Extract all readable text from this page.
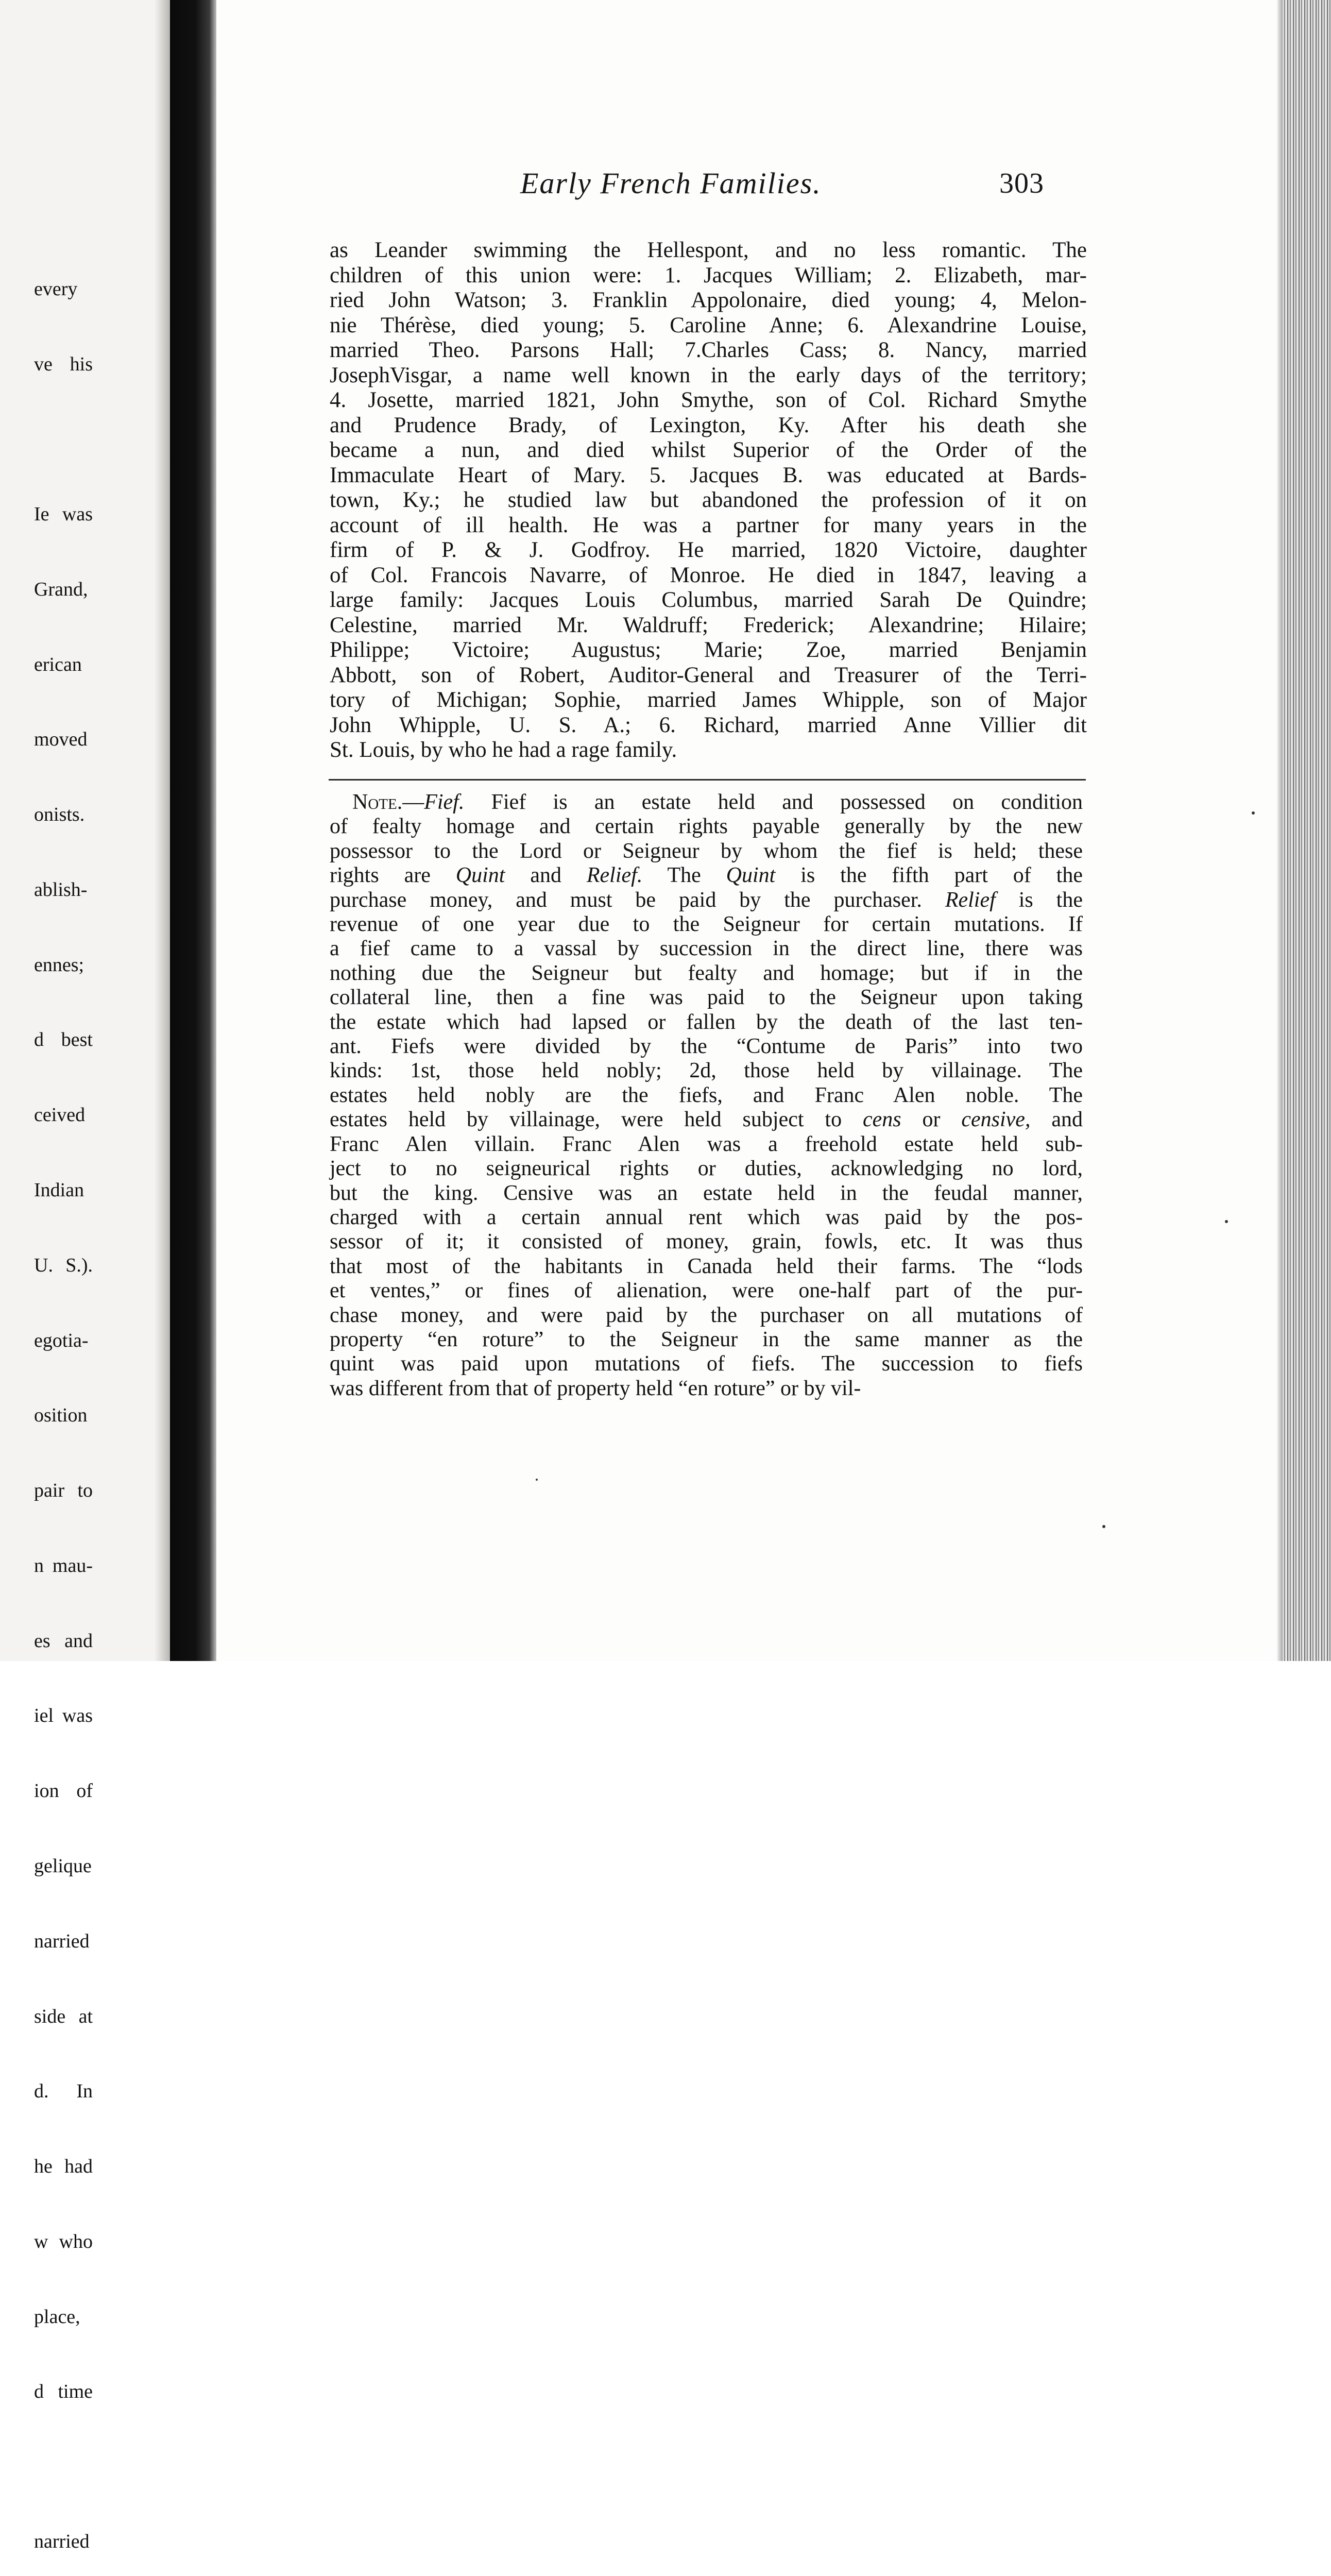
every

ve his

Ie was

Grand,

erican

moved

onists.

ablish-

ennes;

d best

ceived

Indian

U. S.).

egotia-

osition

pair to

n mau-

es and

iel was

ion of

gelique

narried

side at

d. In

he had

w who

place,

d time

narried

Early French Families.	303
as Leander swimming the Hellespont, and no less romantic. The
children of this union were: 1. Jacques William; 2. Elizabeth, mar-
ried John Watson; 3. Franklin Appolonaire, died young; 4, Melon-
nie Thérèse, died young; 5. Caroline Anne; 6. Alexandrine Louise,
married Theo. Parsons Hall; 7.Charles Cass; 8. Nancy, married
JosephVisgar, a name well known in the early days of the territory;
4. Josette, married 1821, John Smythe, son of Col. Richard Smythe
and Prudence Brady, of Lexington, Ky. After his death she
became a nun, and died whilst Superior of the Order of the
Immaculate Heart of Mary. 5. Jacques B. was educated at Bards-
town, Ky.; he studied law but abandoned the profession of it on
account of ill health. He was a partner for many years in the
firm of P. & J. Godfroy. He married, 1820 Victoire, daughter
of Col. Francois Navarre, of Monroe. He died in 1847, leaving a
large family: Jacques Louis Columbus, married Sarah De Quindre;
Celestine, married Mr. Waldruff; Frederick; Alexandrine; Hilaire;
Philippe; Victoire; Augustus; Marie; Zoe, married Benjamin
Abbott, son of Robert, Auditor-General and Treasurer of the Terri-
tory of Michigan; Sophie, married James Whipple, son of Major
John Whipple, U. S. A.; 6. Richard, married Anne Villier dit
St. Louis, by who he had a rage family.
Note.—Fief. Fief is an estate held and possessed on condition
of fealty homage and certain rights payable generally by the new
possessor to the Lord or Seigneur by whom the fief is held; these
rights are Quint and Relief. The Quint is the fifth part of the
purchase money, and must be paid by the purchaser. Relief is the
revenue of one year due to the Seigneur for certain mutations. If
a fief came to a vassal by succession in the direct line, there was
nothing due the Seigneur but fealty and homage; but if in the
collateral line, then a fine was paid to the Seigneur upon taking
the estate which had lapsed or fallen by the death of the last ten-
ant. Fiefs were divided by the “Contume de Paris” into two
kinds: 1st, those held nobly; 2d, those held by villainage. The
estates held nobly are the fiefs, and Franc Alen noble. The
estates held by villainage, were held subject to cens or censive, and
Franc Alen villain. Franc Alen was a freehold estate held sub-
ject to no seigneurical rights or duties, acknowledging no lord,
but the king. Censive was an estate held in the feudal manner,
charged with a certain annual rent which was paid by the pos-
sessor of it; it consisted of money, grain, fowls, etc. It was thus
that most of the habitants in Canada held their farms. The “lods
et ventes,” or fines of alienation, were one-half part of the pur-
chase money, and were paid by the purchaser on all mutations of
property “en roture” to the Seigneur in the same manner as the
quint was paid upon mutations of fiefs. The succession to fiefs
was different from that of property held “en roture” or by vil-
